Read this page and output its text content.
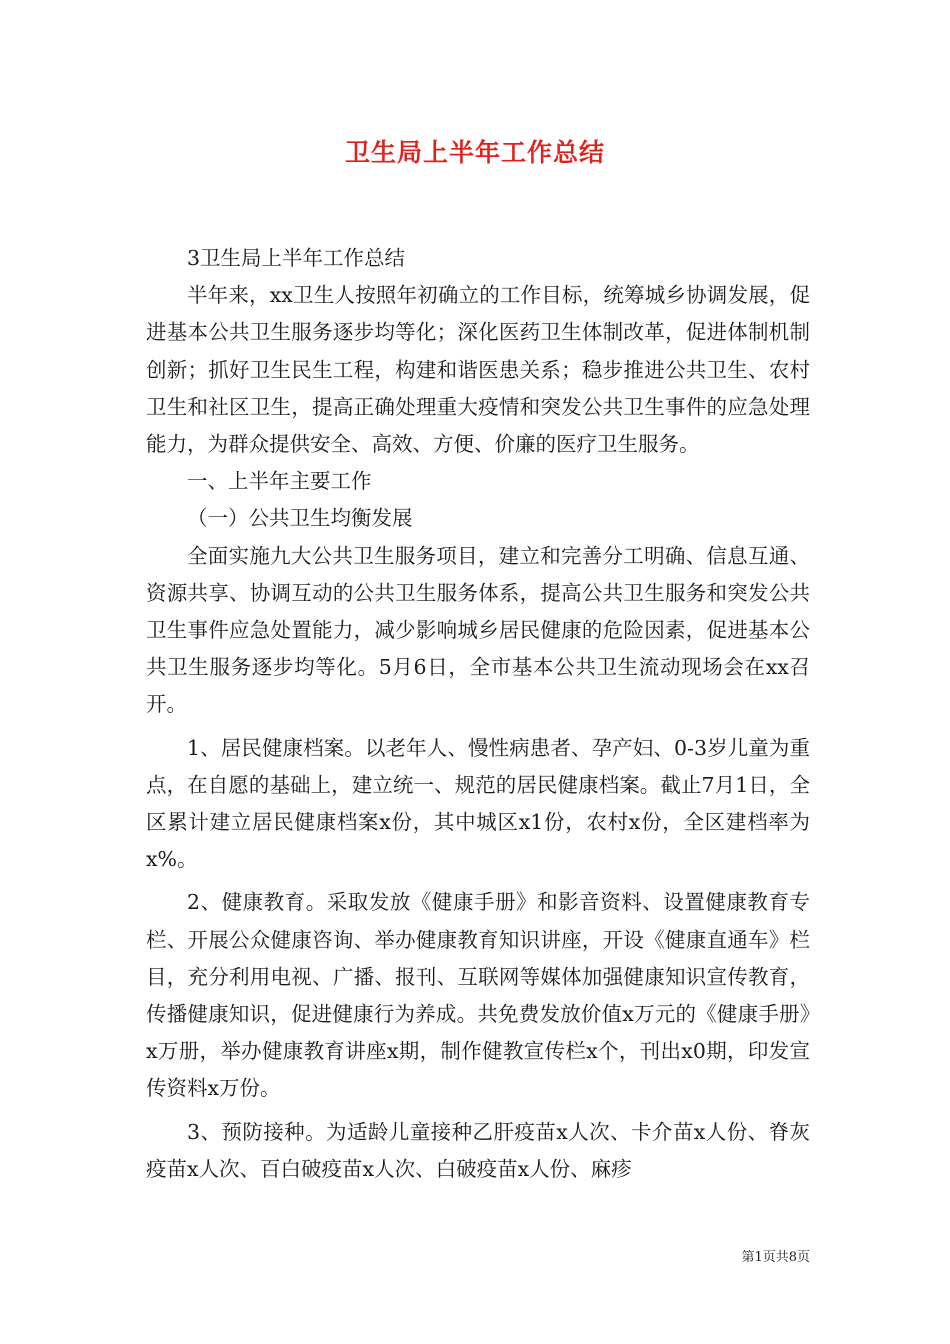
卫生局上半年工作总结

3卫生局上半年工作总结

半年来，xx卫生人按照年初确立的工作目标，统筹城乡协调发展，促进基本公共卫生服务逐步均等化；深化医药卫生体制改革，促进体制机制创新；抓好卫生民生工程，构建和谐医患关系；稳步推进公共卫生、农村卫生和社区卫生，提高正确处理重大疫情和突发公共卫生事件的应急处理能力，为群众提供安全、高效、方便、价廉的医疗卫生服务。

一、上半年主要工作

（一）公共卫生均衡发展

全面实施九大公共卫生服务项目，建立和完善分工明确、信息互通、资源共享、协调互动的公共卫生服务体系，提高公共卫生服务和突发公共卫生事件应急处置能力，减少影响城乡居民健康的危险因素，促进基本公共卫生服务逐步均等化。5月6日，全市基本公共卫生流动现场会在xx召开。

1、居民健康档案。以老年人、慢性病患者、孕产妇、0-3岁儿童为重点，在自愿的基础上，建立统一、规范的居民健康档案。截止7月1日，全区累计建立居民健康档案x份，其中城区x1份，农村x份，全区建档率为x%。

2、健康教育。采取发放《健康手册》和影音资料、设置健康教育专栏、开展公众健康咨询、举办健康教育知识讲座，开设《健康直通车》栏目，充分利用电视、广播、报刊、互联网等媒体加强健康知识宣传教育，传播健康知识，促进健康行为养成。共免费发放价值x万元的《健康手册》x万册，举办健康教育讲座x期，制作健教宣传栏x个，刊出x0期，印发宣传资料x万份。

3、预防接种。为适龄儿童接种乙肝疫苗x人次、卡介苗x人份、脊灰疫苗x人次、百白破疫苗x人次、白破疫苗x人份、麻疹

第1页共8页
